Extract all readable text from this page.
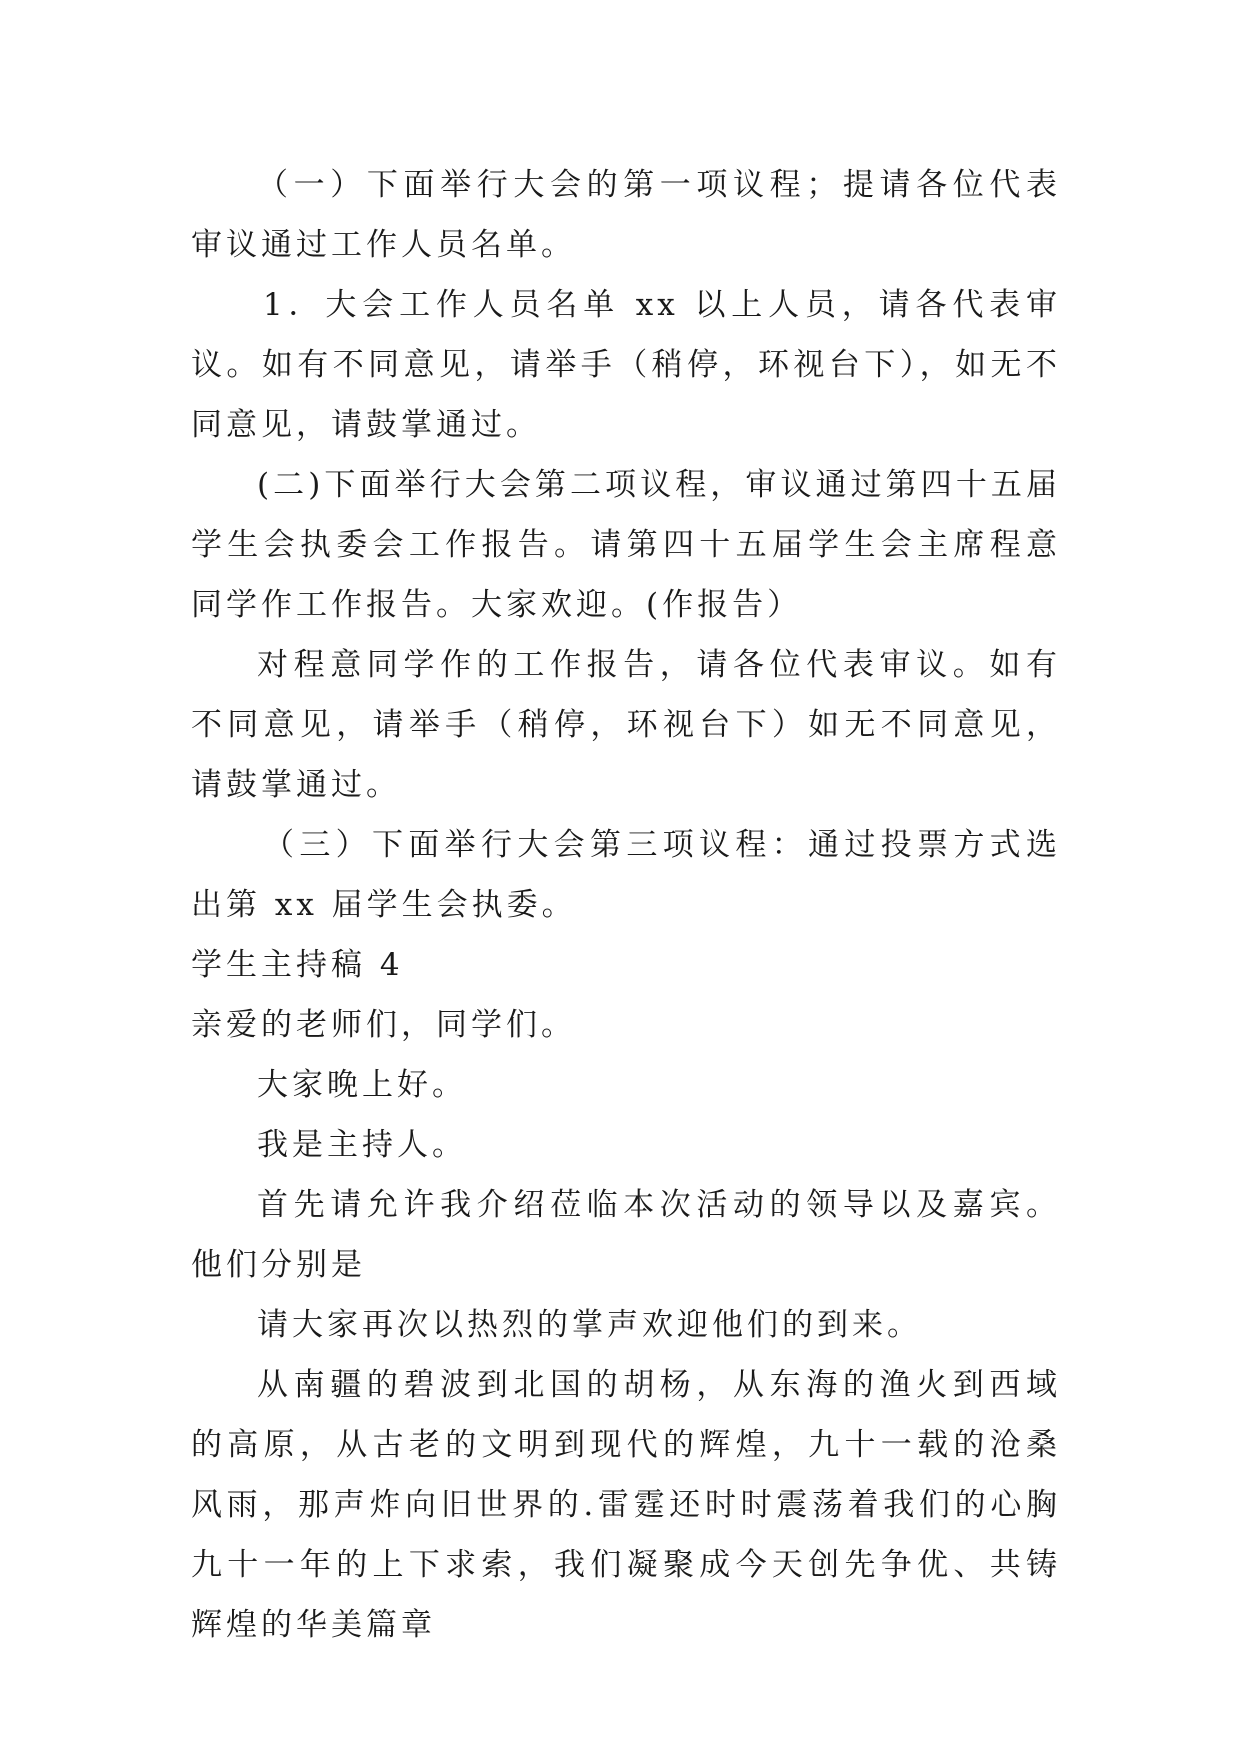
（一）下面举行大会的第一项议程；提请各位代表审议通过工作人员名单。

1．大会工作人员名单 xx 以上人员，请各代表审议。如有不同意见，请举手（稍停，环视台下），如无不同意见，请鼓掌通过。

(二)下面举行大会第二项议程，审议通过第四十五届学生会执委会工作报告。请第四十五届学生会主席程意同学作工作报告。大家欢迎。(作报告）

对程意同学作的工作报告，请各位代表审议。如有不同意见，请举手（稍停，环视台下）如无不同意见，请鼓掌通过。

（三）下面举行大会第三项议程：通过投票方式选出第 xx 届学生会执委。

学生主持稿 4

亲爱的老师们，同学们。

大家晚上好。

我是主持人。

首先请允许我介绍莅临本次活动的领导以及嘉宾。他们分别是

请大家再次以热烈的掌声欢迎他们的到来。

从南疆的碧波到北国的胡杨，从东海的渔火到西域的高原，从古老的文明到现代的辉煌，九十一载的沧桑风雨，那声炸向旧世界的.雷霆还时时震荡着我们的心胸九十一年的上下求索，我们凝聚成今天创先争优、共铸辉煌的华美篇章
